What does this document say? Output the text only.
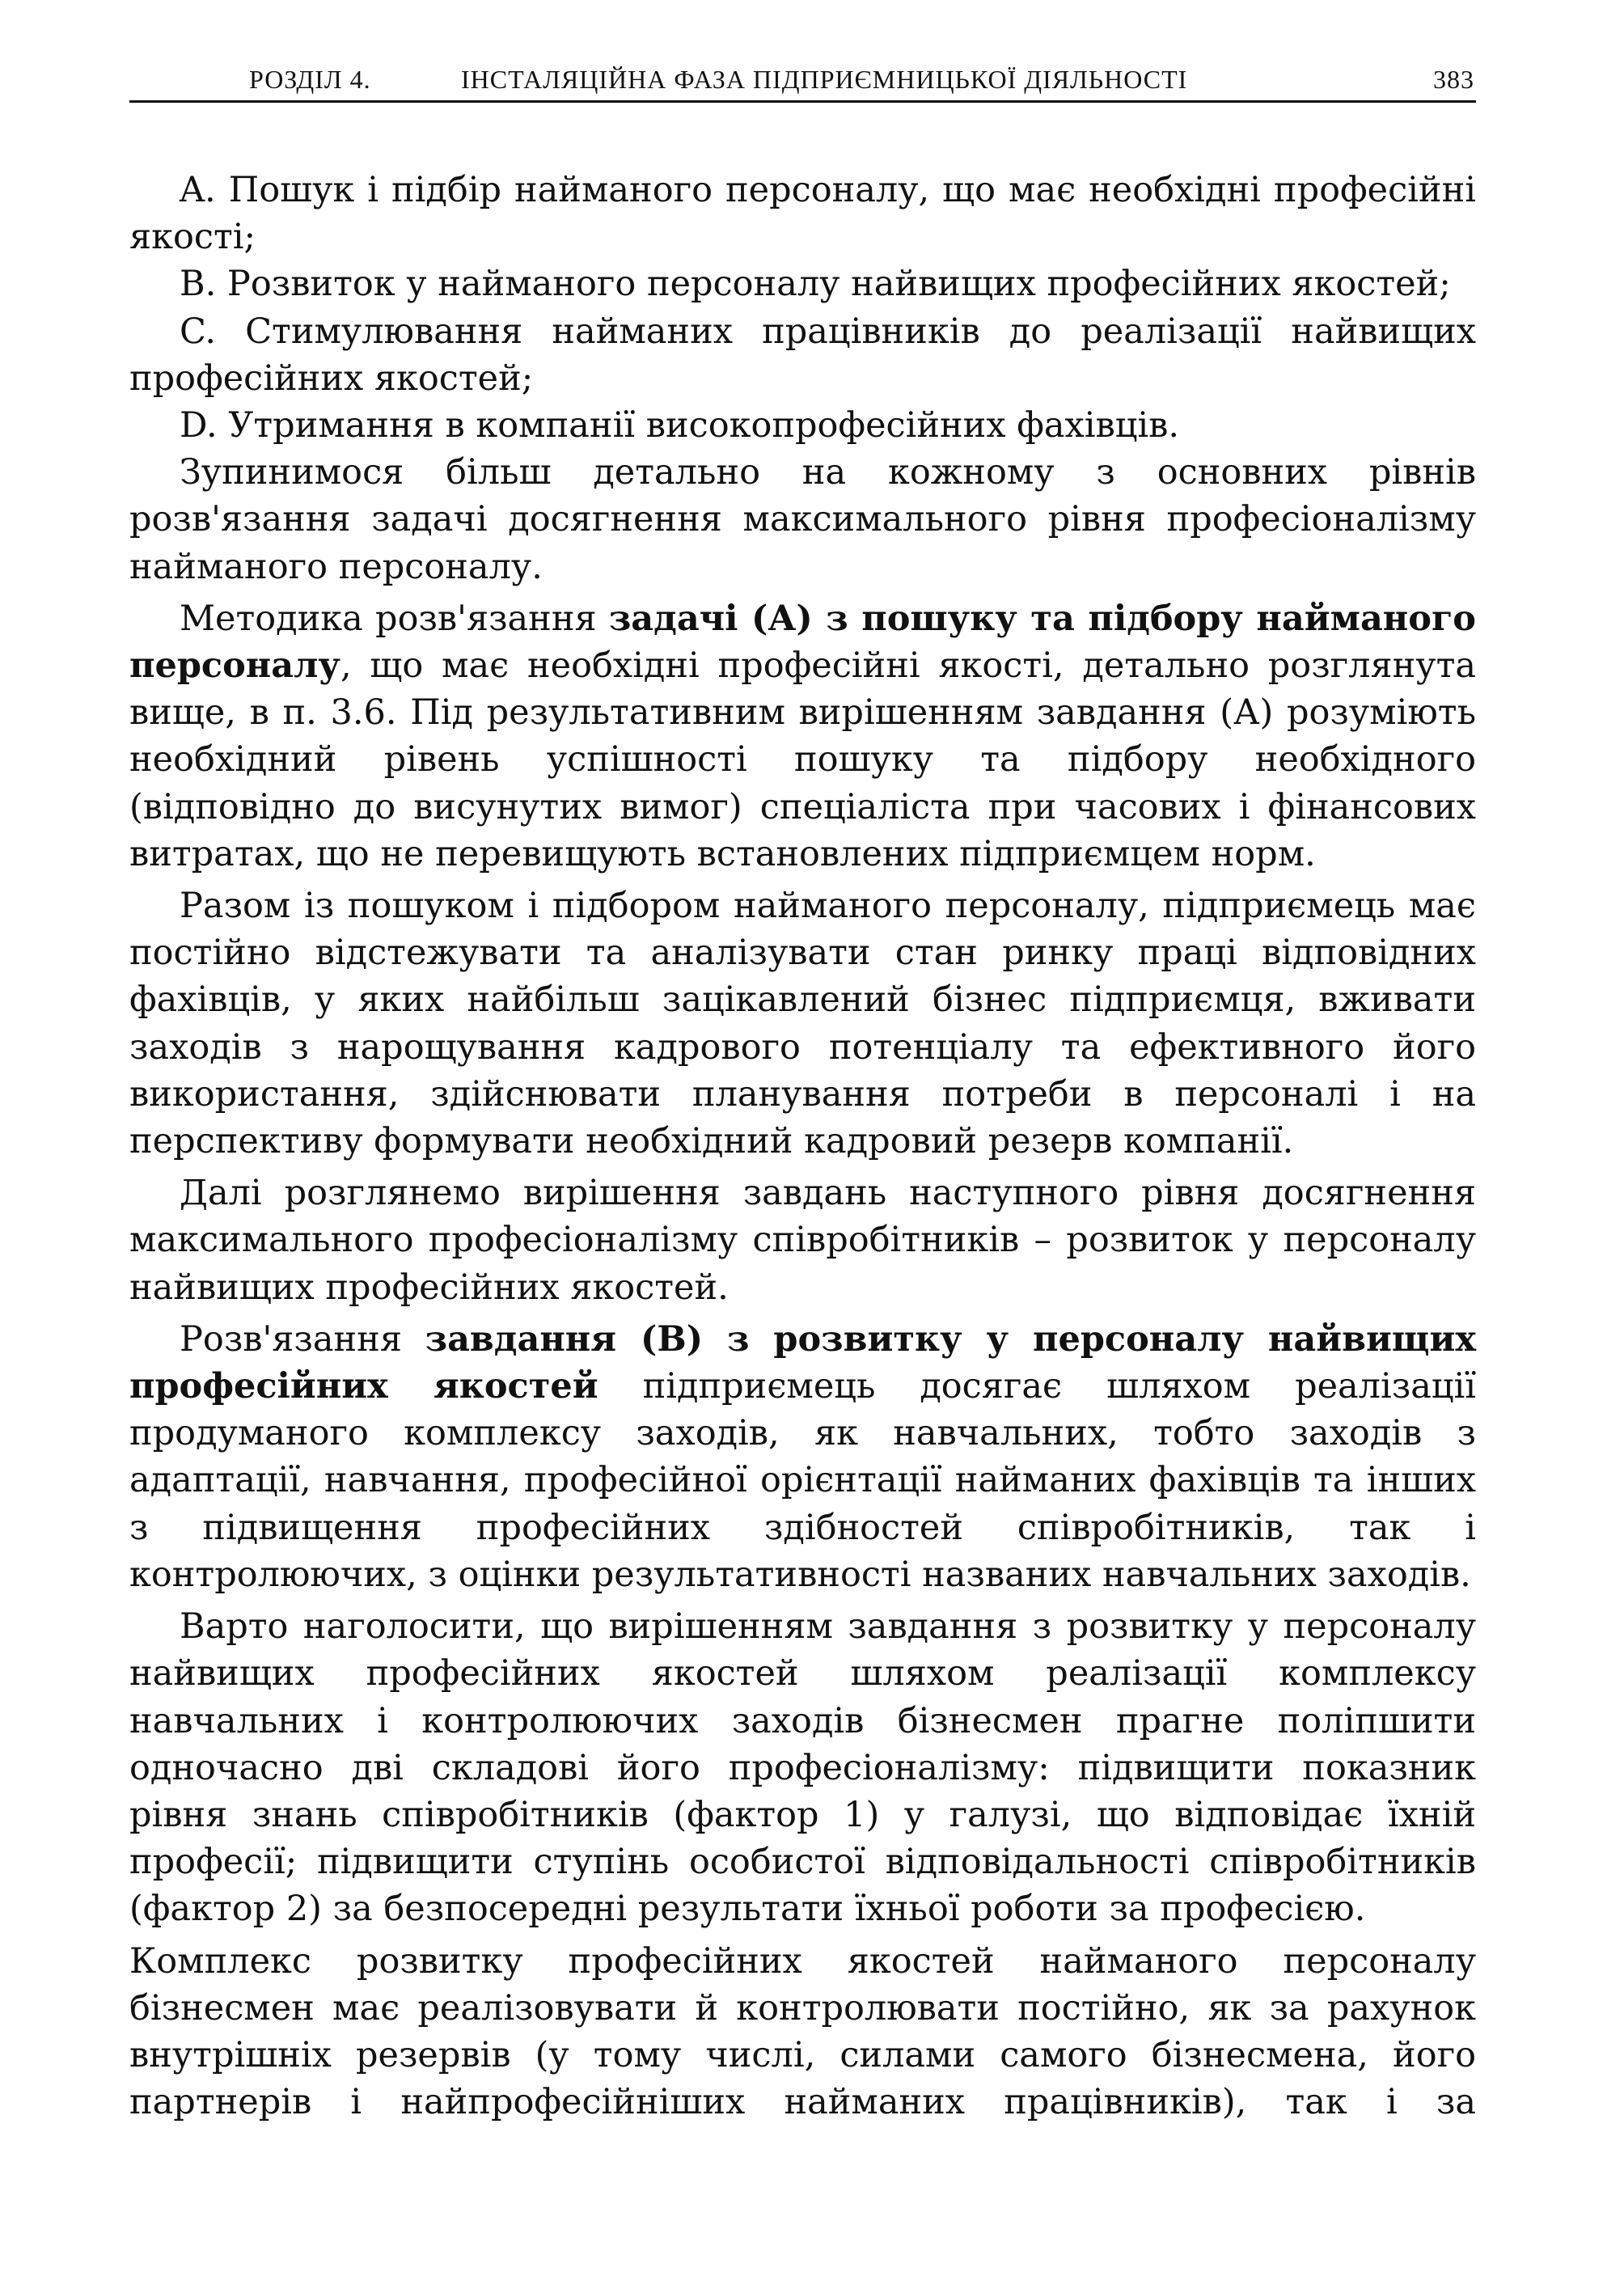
РОЗДІЛ 4.	ІНСТАЛЯЦІЙНА ФАЗА ПІДПРИЄМНИЦЬКОЇ ДІЯЛЬНОСТІ	383

A. Пошук і підбір найманого персоналу, що має необхідні професійні якості;

B. Розвиток у найманого персоналу найвищих професійних якостей;

C. Стимулювання найманих працівників до реалізації найвищих професійних якостей;

D. Утримання в компанії високопрофесійних фахівців.

Зупинимося більш детально на кожному з основних рівнів розв'язання задачі досягнення максимального рівня професіоналізму найманого персоналу.

Методика розв'язання задачі (А) з пошуку та підбору найманого персоналу, що має необхідні професійні якості, детально розглянута вище, в п. 3.6. Під результативним вирішенням завдання (А) розуміють необхідний рівень успішності пошуку та підбору необхідного (відповідно до висунутих вимог) спеціаліста при часових і фінансових витратах, що не перевищують встановлених підприємцем норм.

Разом із пошуком і підбором найманого персоналу, підприємець має постійно відстежувати та аналізувати стан ринку праці відповідних фахівців, у яких найбільш зацікавлений бізнес підприємця, вживати заходів з нарощування кадрового потенціалу та ефективного його використання, здійснювати планування потреби в персоналі і на перспективу формувати необхідний кадровий резерв компанії.

Далі розглянемо вирішення завдань наступного рівня досягнення максимального професіоналізму співробітників – розвиток у персоналу найвищих професійних якостей.

Розв'язання завдання (В) з розвитку у персоналу найвищих професійних якостей підприємець досягає шляхом реалізації продуманого комплексу заходів, як навчальних, тобто заходів з адаптації, навчання, професійної орієнтації найманих фахівців та інших з підвищення професійних здібностей співробітників, так і контролюючих, з оцінки результативності названих навчальних заходів.

Варто наголосити, що вирішенням завдання з розвитку у персоналу найвищих професійних якостей шляхом реалізації комплексу навчальних і контролюючих заходів бізнесмен прагне поліпшити одночасно дві складові його професіоналізму: підвищити показник рівня знань співробітників (фактор 1) у галузі, що відповідає їхній професії; підвищити ступінь особистої відповідальності співробітників (фактор 2) за безпосередні результати їхньої роботи за професією.

Комплекс розвитку професійних якостей найманого персоналу бізнесмен має реалізовувати й контролювати постійно, як за рахунок внутрішніх резервів (у тому числі, силами самого бізнесмена, його партнерів і найпрофесійніших найманих працівників), так і за
